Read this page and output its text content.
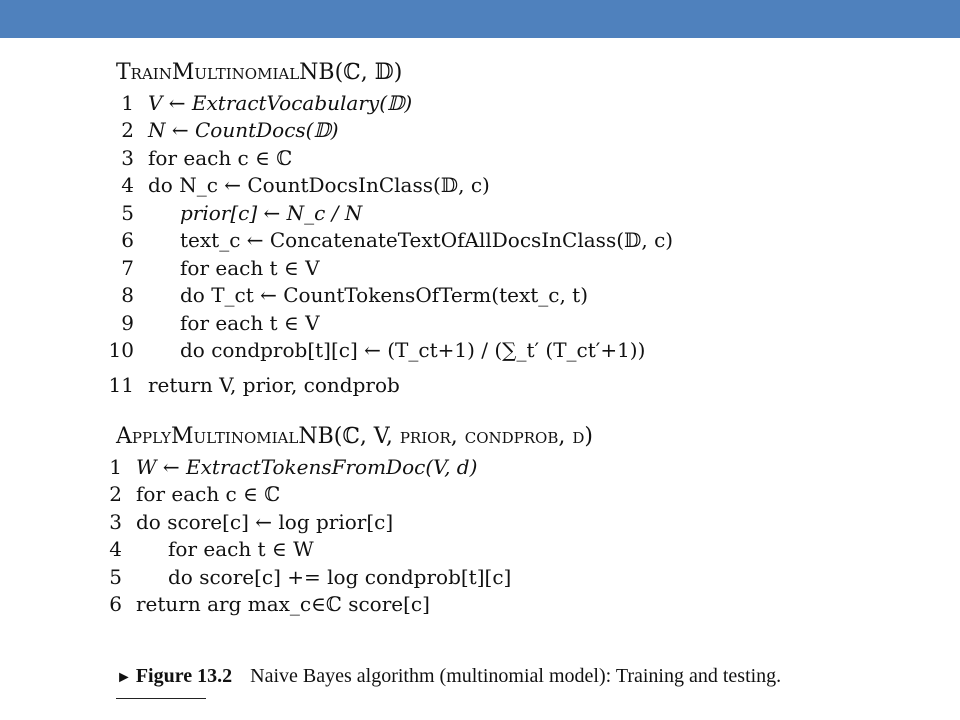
TrainMultinomialNB(ℂ, 𝔻)
1 V ← ExtractVocabulary(𝔻)
2 N ← CountDocs(𝔻)
3 for each c ∈ ℂ
4 do N_c ← CountDocsInClass(𝔻, c)
5 prior[c] ← N_c / N
6 text_c ← ConcatenateTextOfAllDocsInClass(𝔻, c)
7 for each t ∈ V
8 do T_ct ← CountTokensOfTerm(text_c, t)
9 for each t ∈ V
10 do condprob[t][c] ← (T_ct+1) / (∑_t′ (T_ct′+1))
11 return V, prior, condprob
ApplyMultinomialNB(ℂ, V, prior, condprob, d)
1 W ← ExtractTokensFromDoc(V, d)
2 for each c ∈ ℂ
3 do score[c] ← log prior[c]
4 for each t ∈ W
5 do score[c] += log condprob[t][c]
6 return arg max_c∈ℂ score[c]
► Figure 13.2 Naive Bayes algorithm (multinomial model): Training and testing.
